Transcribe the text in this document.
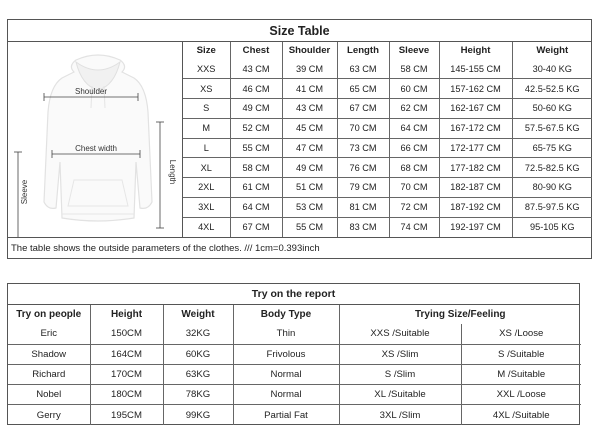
Size Table
Shoulder
Chest width
Sleeve
Length
Size	Chest	Shoulder	Length	Sleeve	Height	Weight
XXS	43 CM	39 CM	63 CM	58 CM	145-155 CM	30-40 KG
XS	46 CM	41 CM	65 CM	60 CM	157-162 CM	42.5-52.5 KG
S	49 CM	43 CM	67 CM	62 CM	162-167 CM	50-60 KG
M	52 CM	45 CM	70 CM	64 CM	167-172 CM	57.5-67.5 KG
L	55 CM	47 CM	73 CM	66 CM	172-177 CM	65-75 KG
XL	58 CM	49 CM	76 CM	68 CM	177-182 CM	72.5-82.5 KG
2XL	61 CM	51 CM	79 CM	70 CM	182-187 CM	80-90 KG
3XL	64 CM	53 CM	81 CM	72 CM	187-192 CM	87.5-97.5 KG
4XL	67 CM	55 CM	83 CM	74 CM	192-197 CM	95-105 KG
The table shows the outside parameters of the clothes. /// 1cm=0.393inch
Try on the report
Try on people	Height	Weight	Body Type	Trying Size/Feeling	
Eric	150CM	32KG	Thin	XXS /Suitable	XS /Loose
Shadow	164CM	60KG	Frivolous	XS /Slim	S /Suitable
Richard	170CM	63KG	Normal	S /Slim	M /Suitable
Nobel	180CM	78KG	Normal	XL /Suitable	XXL /Loose
Gerry	195CM	99KG	Partial Fat	3XL /Slim	4XL /Suitable
